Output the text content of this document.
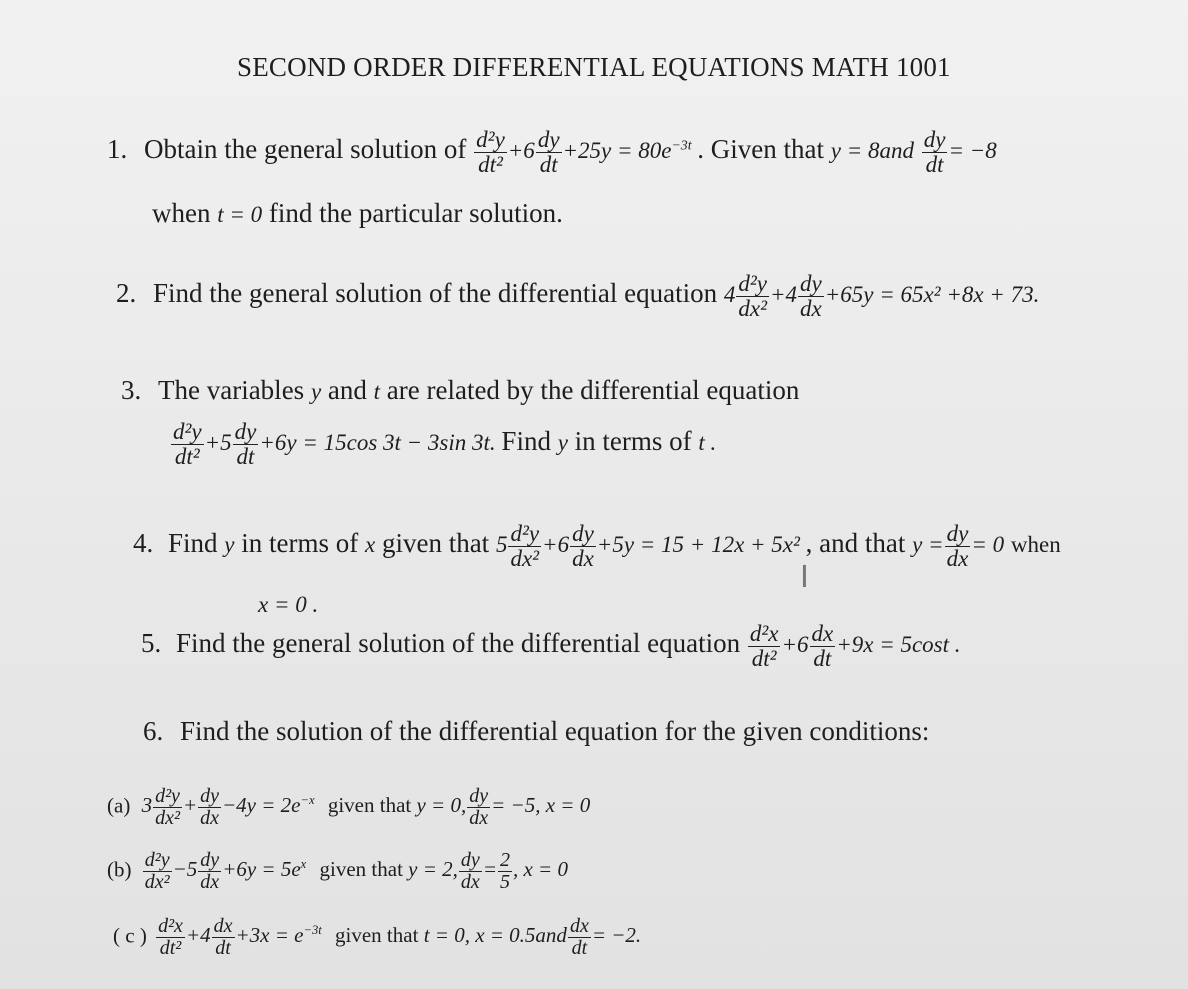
SECOND ORDER DIFFERENTIAL EQUATIONS MATH 1001
1. Obtain the general solution of $\frac{\text{d²y}}{\text{dt²}} +6 \frac{dy}{dt} +25y = 80e^{-3t}$ . Given that $y = 8and \frac{dy}{dt} = -8$
when t = 0 find the particular solution.
2. Find the general solution of the differential equation $4 \frac{\text{d²y}}{\text{dx²}} +4 \frac{dy}{dx} +65y = 65x^2 +8x + 73$.
3. The variables y and t are related by the differential equation
$\frac{\text{d²y}}{\text{dt²}} +5 \frac{dy}{dt} +6y = 15\cos$ 3t − 3sin 3t. Find y in terms of t .
4. Find y in terms of x given that $5 \frac{\text{d²y}}{\text{dx²}} +6 \frac{dy}{dx} +5y = 15 + 12x + 5x^2$ , and that $y = \frac{dy}{dx} = 0$ when
x = 0 .
I
5. Find the general solution of the differential equation $\frac{\text{d²x}}{\text{dt²}} +6 \frac{dx}{dt} +9x = 5\cos t$ .
6. Find the solution of the differential equation for the given conditions:
(a) $3 \frac{\text{d²y}}{\text{dx²}} + \frac{dy}{dx} -4y = 2e^{-x}$ given that y = 0, $\frac{dy}{dx} = -5$, x = 0
$(b) \frac{\text{d²y}}{\text{dx²}} -5 \frac{dy}{dx} +6y = 5e^x$ given that y = 2, $\frac{dy}{dx} = \frac{2}{5}$ , x = 0
( c ) $\frac{\text{d²x}}{\text{dt²}} +4 \frac{dx}{dt} +3x = e^{-3t}$ given that t = 0, $x = 0.5and \frac{dx}{dt} = -2$.
